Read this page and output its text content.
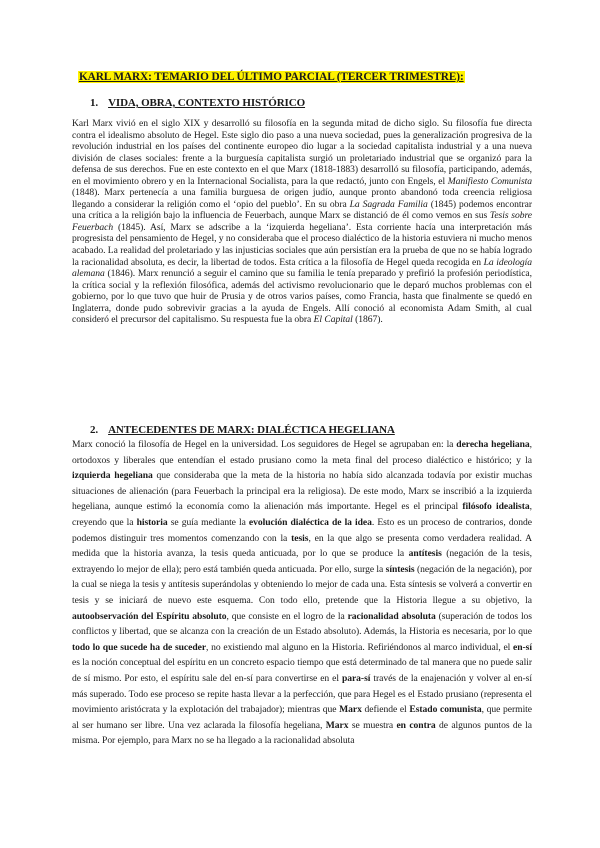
KARL MARX: TEMARIO DEL ÚLTIMO PARCIAL (TERCER TRIMESTRE):
1. VIDA, OBRA, CONTEXTO HISTÓRICO

Karl Marx vivió en el siglo XIX y desarrolló su filosofía en la segunda mitad de dicho siglo. Su filosofía fue directa contra el idealismo absoluto de Hegel. Este siglo dio paso a una nueva sociedad, pues la generalización progresiva de la revolución industrial en los países del continente europeo dio lugar a la sociedad capitalista industrial y a una nueva división de clases sociales: frente a la burguesía capitalista surgió un proletariado industrial que se organizó para la defensa de sus derechos. Fue en este contexto en el que Marx (1818-1883) desarrolló su filosofía, participando, además, en el movimiento obrero y en la Internacional Socialista, para la que redactó, junto con Engels, el Manifiesto Comunista (1848). Marx pertenecía a una familia burguesa de origen judío, aunque pronto abandonó toda creencia religiosa llegando a considerar la religión como el ‘opio del pueblo’. En su obra La Sagrada Familia (1845) podemos encontrar una crítica a la religión bajo la influencia de Feuerbach, aunque Marx se distanció de él como vemos en sus Tesis sobre Feuerbach (1845). Así, Marx se adscribe a la ‘izquierda hegeliana’. Esta corriente hacía una interpretación más progresista del pensamiento de Hegel, y no consideraba que el proceso dialéctico de la historia estuviera ni mucho menos acabado. La realidad del proletariado y las injusticias sociales que aún persistían era la prueba de que no se había logrado la racionalidad absoluta, es decir, la libertad de todos. Esta crítica a la filosofía de Hegel queda recogida en La ideología alemana (1846). Marx renunció a seguir el camino que su familia le tenía preparado y prefirió la profesión periodística, la crítica social y la reflexión filosófica, además del activismo revolucionario que le deparó muchos problemas con el gobierno, por lo que tuvo que huir de Prusia y de otros varios países, como Francia, hasta que finalmente se quedó en Inglaterra, donde pudo sobrevivir gracias a la ayuda de Engels. Allí conoció al economista Adam Smith, al cual consideró el precursor del capitalismo. Su respuesta fue la obra El Capital (1867).

2. ANTECEDENTES DE MARX: DIALÉCTICA HEGELIANA

Marx conoció la filosofía de Hegel en la universidad. Los seguidores de Hegel se agrupaban en: la derecha hegeliana, ortodoxos y liberales que entendían el estado prusiano como la meta final del proceso dialéctico e histórico; y la izquierda hegeliana que consideraba que la meta de la historia no había sido alcanzada todavía por existir muchas situaciones de alienación (para Feuerbach la principal era la religiosa). De este modo, Marx se inscribió a la izquierda hegeliana, aunque estimó la economía como la alienación más importante. Hegel es el principal filósofo idealista, creyendo que la historia se guía mediante la evolución dialéctica de la idea. Esto es un proceso de contrarios, donde podemos distinguir tres momentos comenzando con la tesis, en la que algo se presenta como verdadera realidad. A medida que la historia avanza, la tesis queda anticuada, por lo que se produce la antítesis (negación de la tesis, extrayendo lo mejor de ella); pero está también queda anticuada. Por ello, surge la síntesis (negación de la negación), por la cual se niega la tesis y antítesis superándolas y obteniendo lo mejor de cada una. Esta síntesis se volverá a convertir en tesis y se iniciará de nuevo este esquema. Con todo ello, pretende que la Historia llegue a su objetivo, la autoobservación del Espíritu absoluto, que consiste en el logro de la racionalidad absoluta (superación de todos los conflictos y libertad, que se alcanza con la creación de un Estado absoluto). Además, la Historia es necesaria, por lo que todo lo que sucede ha de suceder, no existiendo mal alguno en la Historia. Refiriéndonos al marco individual, el en-sí es la noción conceptual del espíritu en un concreto espacio tiempo que está determinado de tal manera que no puede salir de sí mismo. Por esto, el espíritu sale del en-sí para convertirse en el para-sí través de la enajenación y volver al en-sí más superado. Todo ese proceso se repite hasta llevar a la perfección, que para Hegel es el Estado prusiano (representa el movimiento aristócrata y la explotación del trabajador); mientras que Marx defiende el Estado comunista, que permite al ser humano ser libre. Una vez aclarada la filosofía hegeliana, Marx se muestra en contra de algunos puntos de la misma. Por ejemplo, para Marx no se ha llegado a la racionalidad absoluta
